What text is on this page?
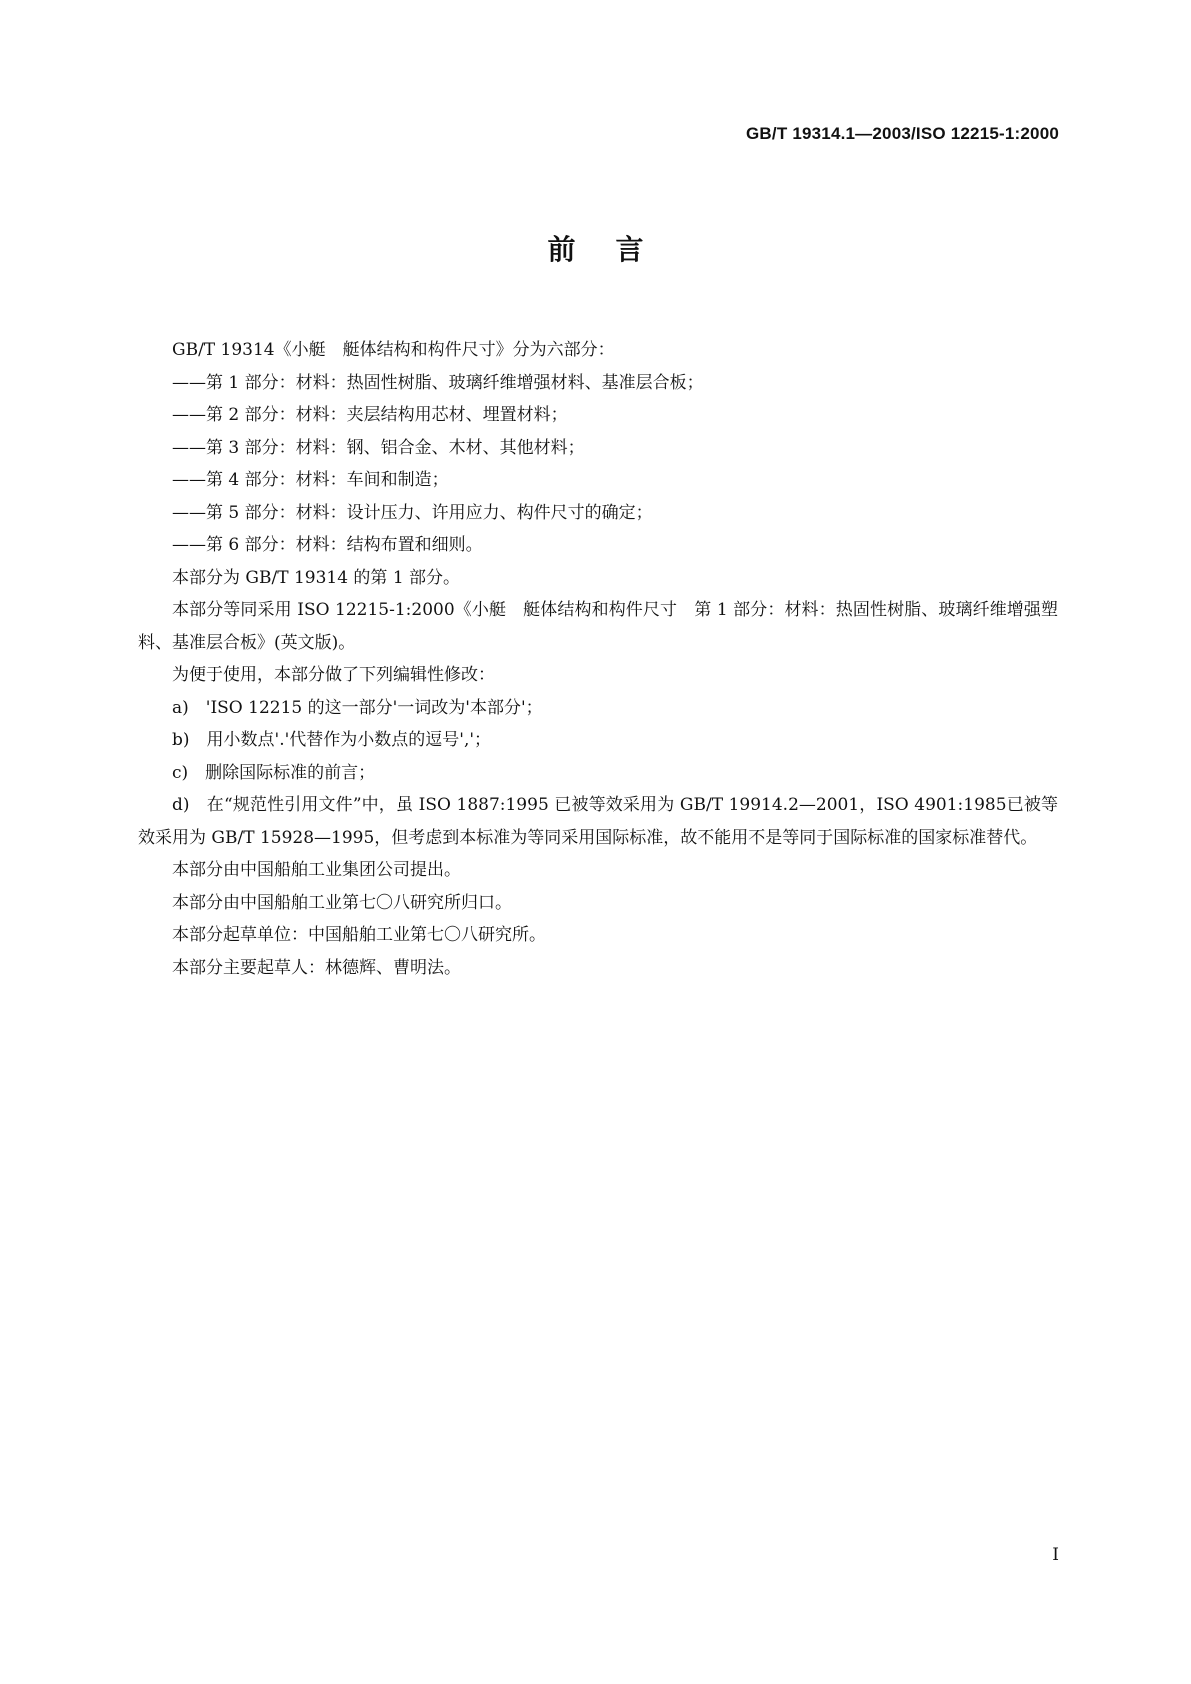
GB/T 19314.1—2003/ISO 12215-1:2000
前言

GB/T 19314《小艇　艇体结构和构件尺寸》分为六部分：

——第 1 部分：材料：热固性树脂、玻璃纤维增强材料、基准层合板；

——第 2 部分：材料：夹层结构用芯材、埋置材料；

——第 3 部分：材料：钢、铝合金、木材、其他材料；

——第 4 部分：材料：车间和制造；

——第 5 部分：材料：设计压力、许用应力、构件尺寸的确定；

——第 6 部分：材料：结构布置和细则。

本部分为 GB/T 19314 的第 1 部分。

本部分等同采用 ISO 12215-1:2000《小艇　艇体结构和构件尺寸　第 1 部分：材料：热固性树脂、玻璃纤维增强塑料、基准层合板》(英文版)。

为便于使用，本部分做了下列编辑性修改：

a)　'ISO 12215 的这一部分'一词改为'本部分'；

b)　用小数点'.'代替作为小数点的逗号','；

c)　删除国际标准的前言；

d)　在“规范性引用文件”中，虽 ISO 1887:1995 已被等效采用为 GB/T 19914.2—2001，ISO 4901:1985已被等效采用为 GB/T 15928—1995，但考虑到本标准为等同采用国际标准，故不能用不是等同于国际标准的国家标准替代。

本部分由中国船舶工业集团公司提出。

本部分由中国船舶工业第七〇八研究所归口。

本部分起草单位：中国船舶工业第七〇八研究所。

本部分主要起草人：林德辉、曹明法。

I
